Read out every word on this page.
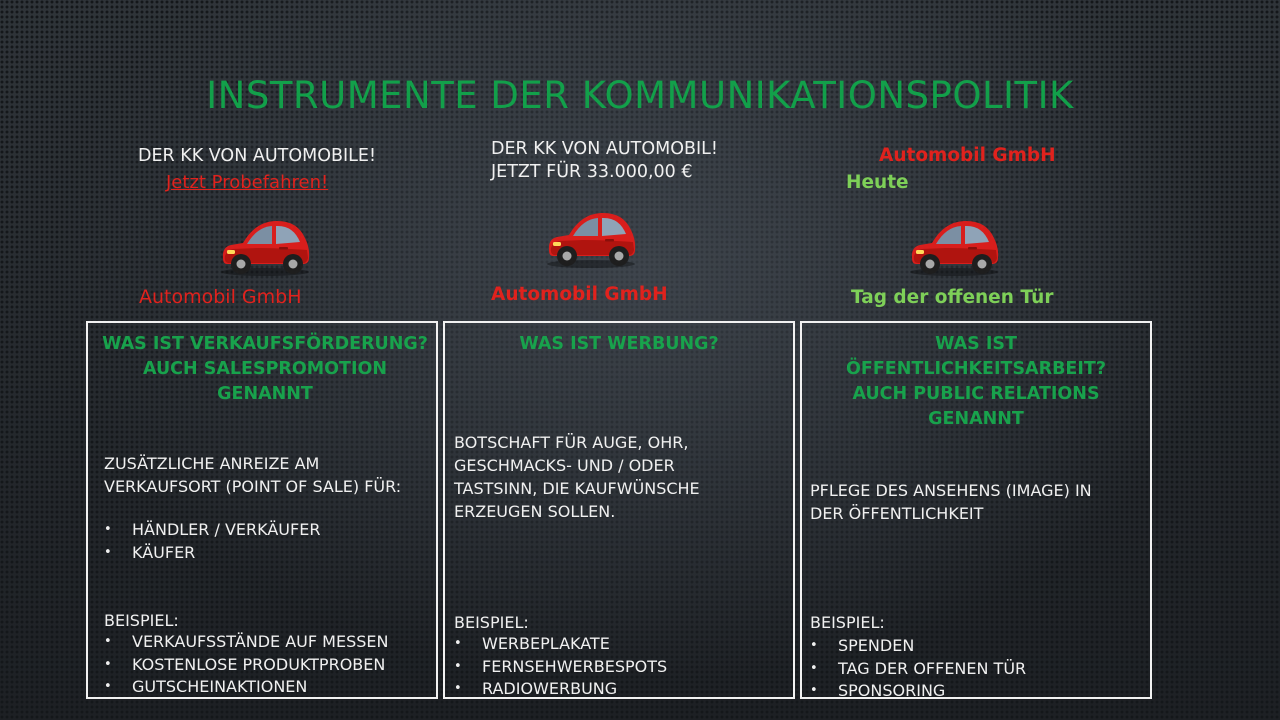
INSTRUMENTE DER KOMMUNIKATIONSPOLITIK
DER KK VON AUTOMOBILE!
Jetzt Probefahren!
Automobil GmbH
DER KK VON AUTOMOBIL!
JETZT FÜR 33.000,00 €
Automobil GmbH
Automobil GmbH
Heute
Tag der offenen Tür
WAS IST VERKAUFSFÖRDERUNG? AUCH SALESPROMOTION GENANNT
ZUSÄTZLICHE ANREIZE AM VERKAUFSORT (POINT OF SALE) FÜR:
• HÄNDLER / VERKÄUFER
• KÄUFER
BEISPIEL:
• VERKAUFSSTÄNDE AUF MESSEN
• KOSTENLOSE PRODUKTPROBEN
• GUTSCHEINAKTIONEN
WAS IST WERBUNG?
BOTSCHAFT FÜR AUGE, OHR, GESCHMACKS- UND / ODER TASTSINN, DIE KAUFWÜNSCHE ERZEUGEN SOLLEN.
BEISPIEL:
• WERBEPLAKATE
• FERNSEHWERBESPOTS
• RADIOWERBUNG
WAS IST ÖFFENTLICHKEITSARBEIT? AUCH PUBLIC RELATIONS GENANNT
PFLEGE DES ANSEHENS (IMAGE) IN DER ÖFFENTLICHKEIT
BEISPIEL:
• SPENDEN
• TAG DER OFFENEN TÜR
• SPONSORING
